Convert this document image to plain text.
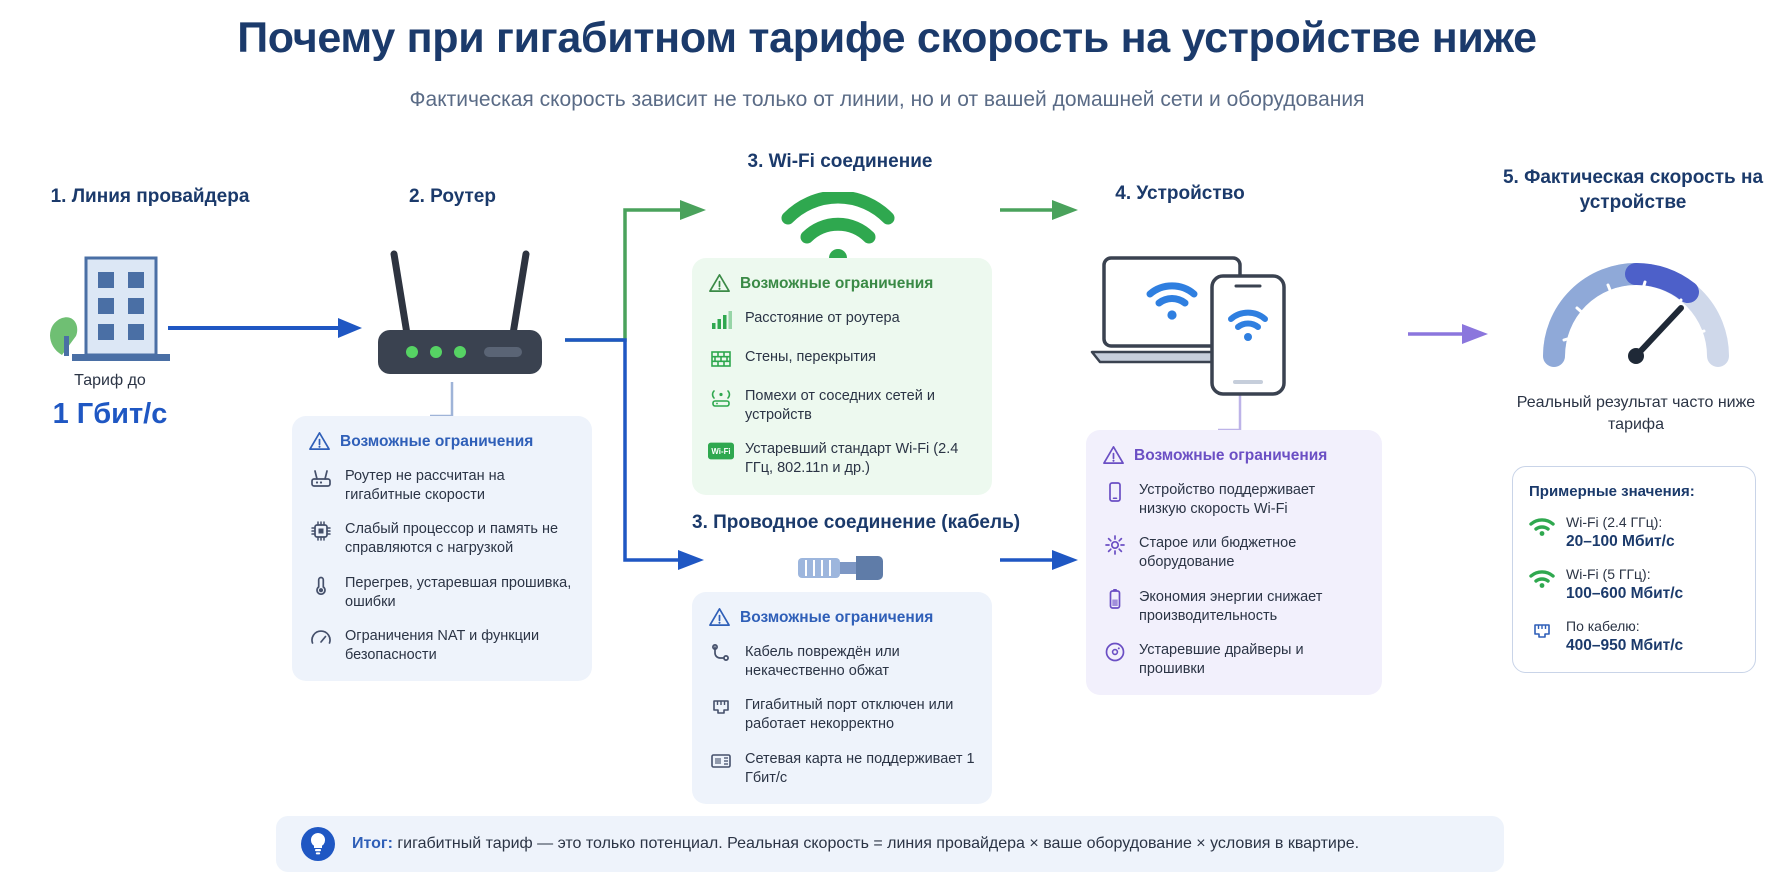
Почему при гигабитном тарифе скорость на устройстве ниже
Фактическая скорость зависит не только от линии, но и от вашей домашней сети и оборудования
1. Линия провайдера
Тариф до
1 Гбит/с
2. Роутер
Возможные ограничения
Роутер не рассчитан на гигабитные скорости
Слабый процессор и память не справляются с нагрузкой
Перегрев, устаревшая прошивка, ошибки
Ограничения NAT и функции безопасности
3. Wi-Fi соединение
Возможные ограничения
Расстояние от роутера
Стены, перекрытия
Помехи от соседних сетей и устройств
Wi-Fi Устаревший стандарт Wi-Fi (2.4 ГГц, 802.11n и др.)
3. Проводное соединение (кабель)
Возможные ограничения
Кабель повреждён или некачественно обжат
Гигабитный порт отключен или работает некорректно
Сетевая карта не поддерживает 1 Гбит/с
4. Устройство
Возможные ограничения
Устройство поддерживает низкую скорость Wi-Fi
Старое или бюджетное оборудование
Экономия энергии снижает производительность
Устаревшие драйверы и прошивки
5. Фактическая скорость на устройстве
Реальный результат часто ниже тарифа
Примерные значения:
Wi-Fi (2.4 ГГц):
20–100 Мбит/с
Wi-Fi (5 ГГц):
100–600 Мбит/с
По кабелю:
400–950 Мбит/с
Итог: гигабитный тариф — это только потенциал. Реальная скорость = линия провайдера × ваше оборудование × условия в квартире.
